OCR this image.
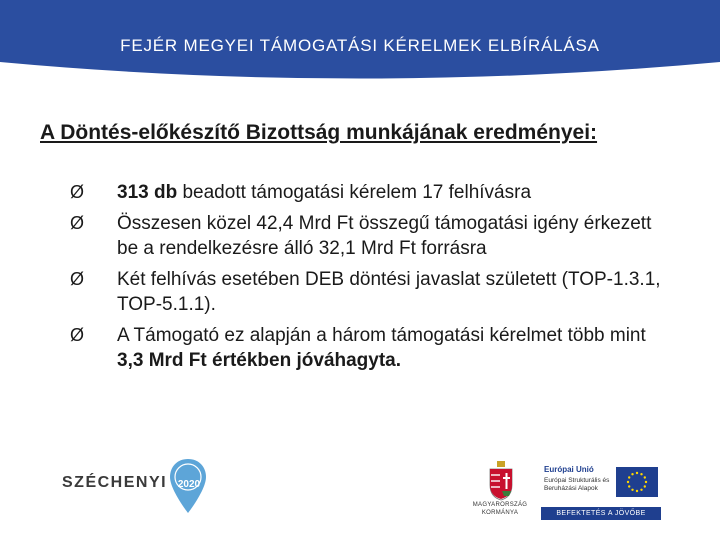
FEJÉR MEGYEI TÁMOGATÁSI KÉRELMEK ELBÍRÁLÁSA
A Döntés-előkészítő Bizottság munkájának eredményei:
Ø 313 db beadott támogatási kérelem 17 felhívásra
Ø Összesen közel 42,4 Mrd Ft összegű támogatási igény érkezett be a rendelkezésre álló 32,1 Mrd Ft forrásra
Ø Két felhívás esetében DEB döntési javaslat született (TOP-1.3.1, TOP-5.1.1).
Ø A Támogató ez alapján a három támogatási kérelmet több mint 3,3 Mrd Ft értékben jóváhagyta.
SZÉCHENYI	2020
MAGYARORSZÁG
KORMÁNYA
Európai Unió
Európai Strukturális és Beruházási Alapok
BEFEKTETÉS A JÖVŐBE
